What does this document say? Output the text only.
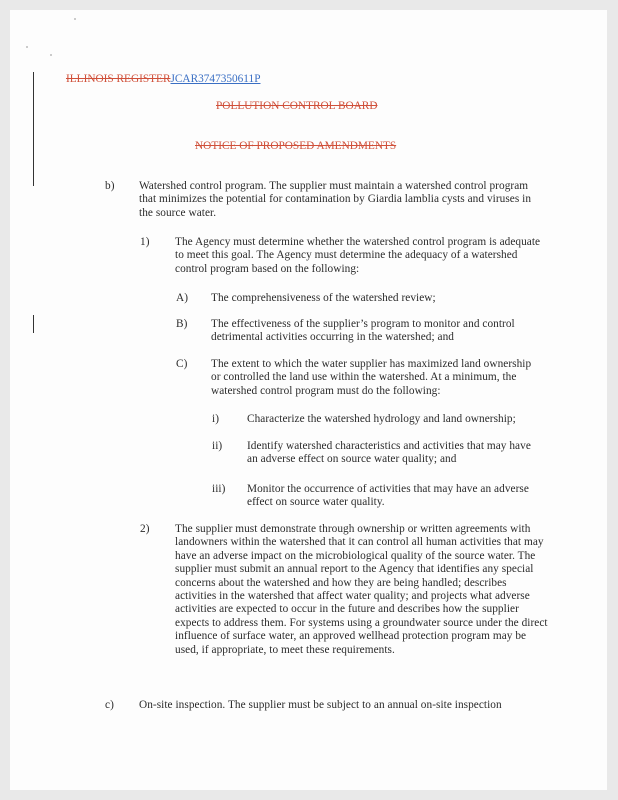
ILLINOIS REGISTERJCAR3747350611P
POLLUTION CONTROL BOARD
NOTICE OF PROPOSED AMENDMENTS
b) Watershed control program. The supplier must maintain a watershed control program that minimizes the potential for contamination by Giardia lamblia cysts and viruses in the source water.
1) The Agency must determine whether the watershed control program is adequate to meet this goal. The Agency must determine the adequacy of a watershed control program based on the following:
A) The comprehensiveness of the watershed review;
B) The effectiveness of the supplier’s program to monitor and control detrimental activities occurring in the watershed; and
C) The extent to which the water supplier has maximized land ownership or controlled the land use within the watershed. At a minimum, the watershed control program must do the following:
i) Characterize the watershed hydrology and land ownership;
ii) Identify watershed characteristics and activities that may have an adverse effect on source water quality; and
iii) Monitor the occurrence of activities that may have an adverse effect on source water quality.
2) The supplier must demonstrate through ownership or written agreements with landowners within the watershed that it can control all human activities that may have an adverse impact on the microbiological quality of the source water. The supplier must submit an annual report to the Agency that identifies any special concerns about the watershed and how they are being handled; describes activities in the watershed that affect water quality; and projects what adverse activities are expected to occur in the future and describes how the supplier expects to address them. For systems using a groundwater source under the direct influence of surface water, an approved wellhead protection program may be used, if appropriate, to meet these requirements.
c) On-site inspection. The supplier must be subject to an annual on-site inspection
